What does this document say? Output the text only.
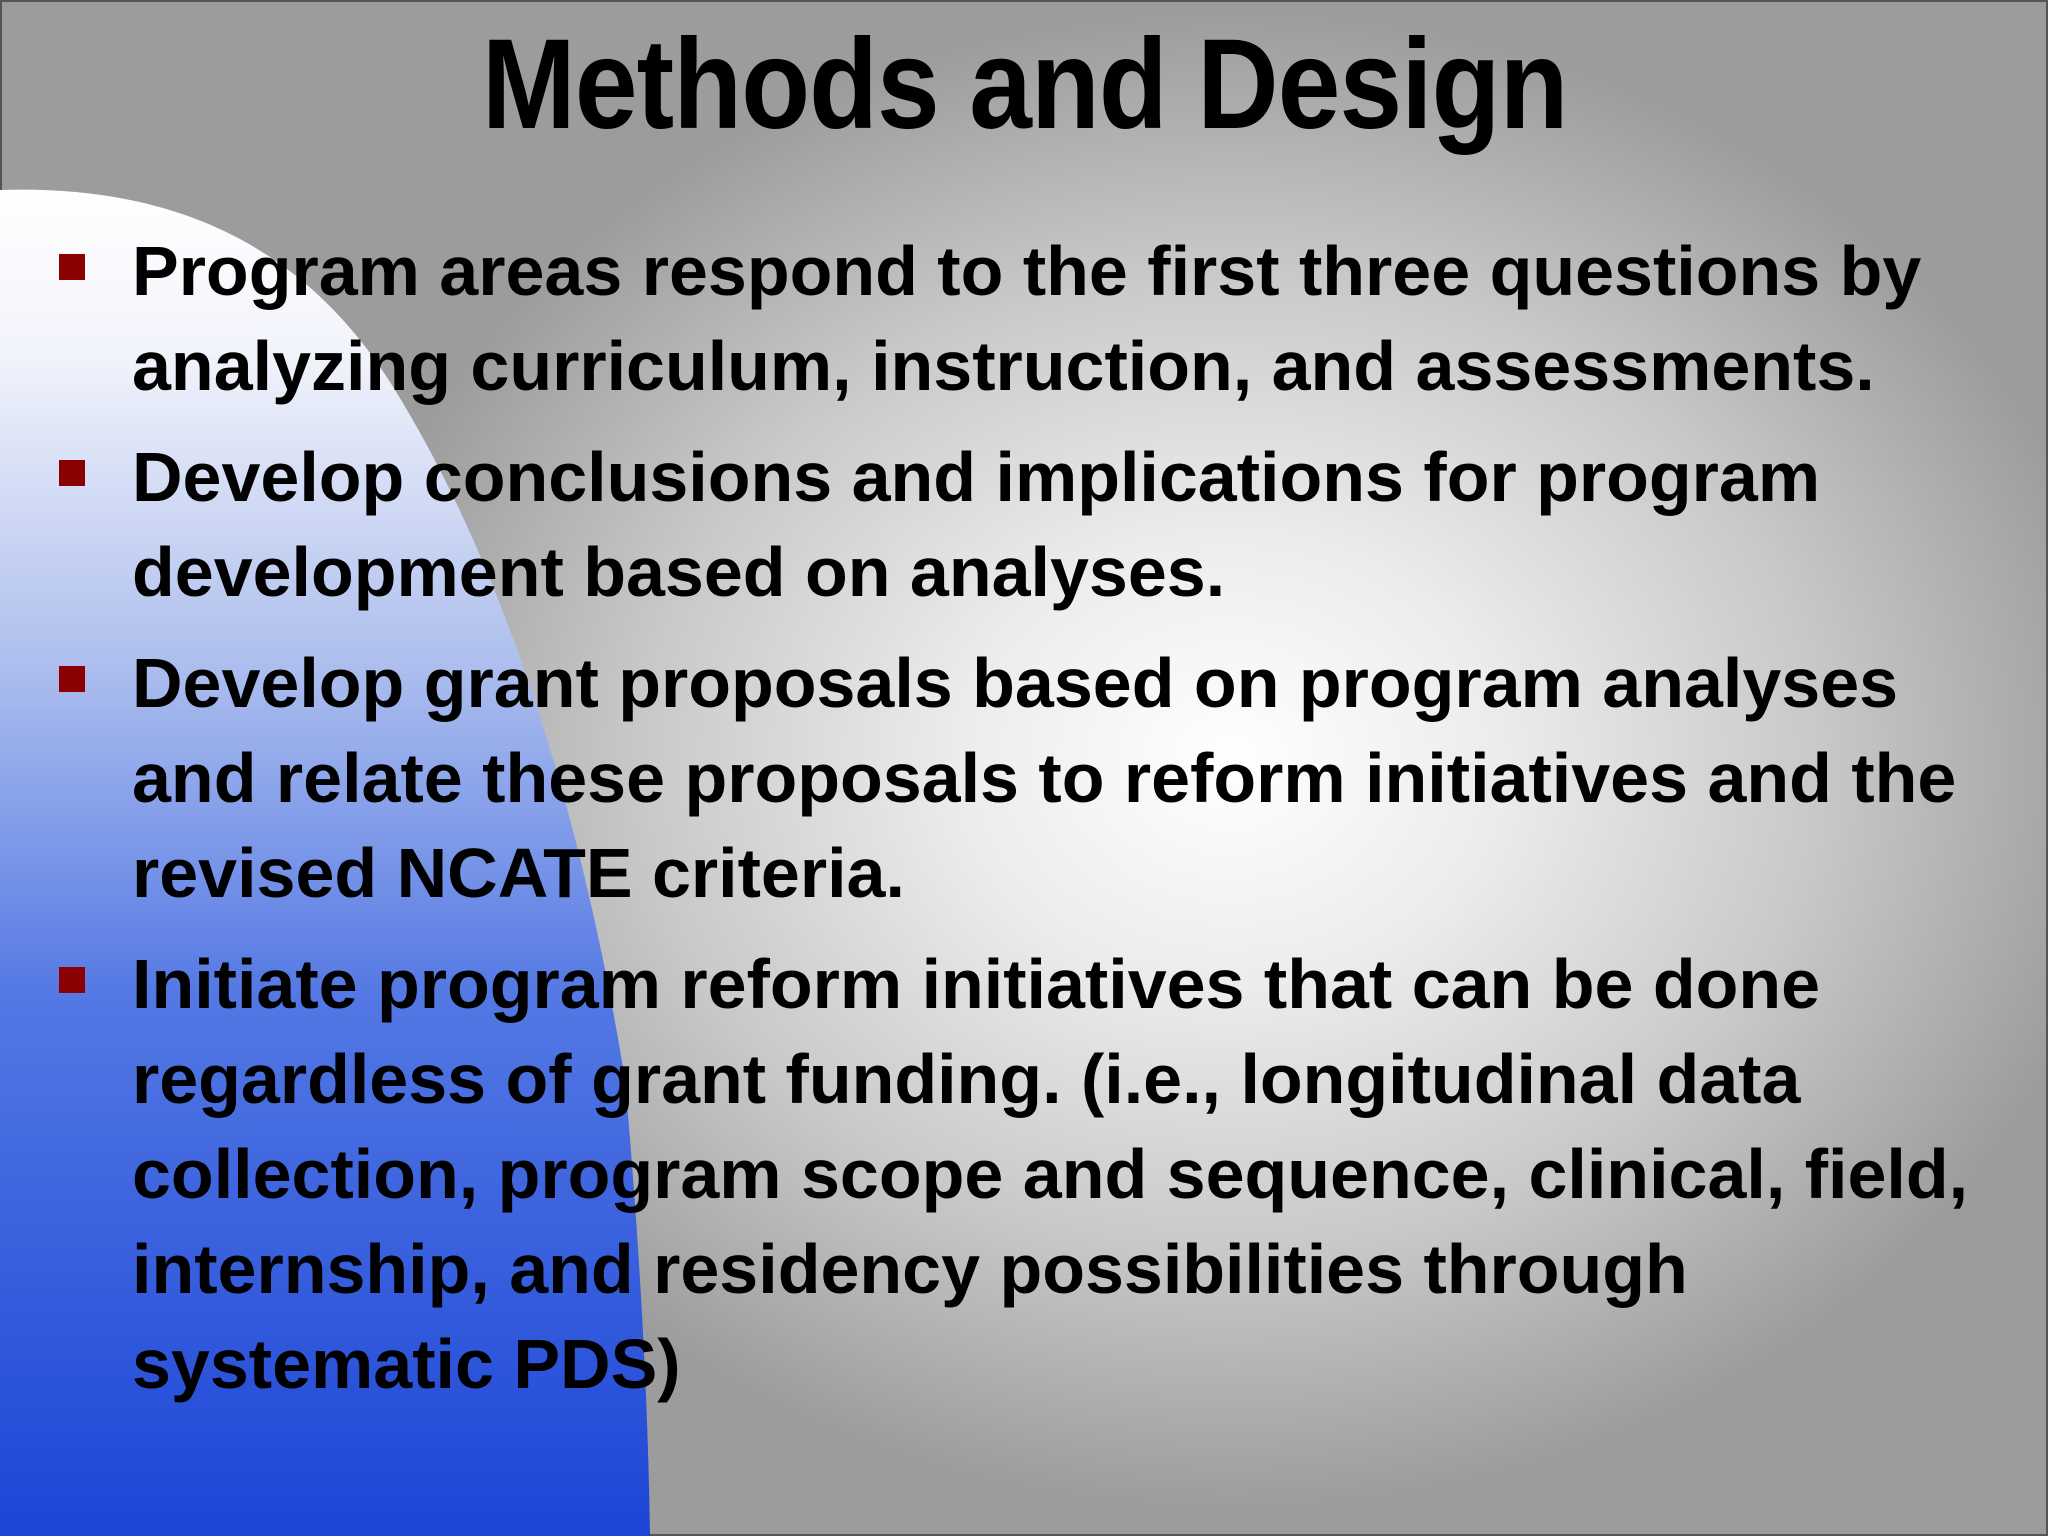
Methods and Design
Program areas respond to the first three questions by analyzing curriculum, instruction, and assessments.
Develop conclusions and implications for program development based on analyses.
Develop grant proposals based on program analyses and relate these proposals to reform initiatives and the revised NCATE criteria.
Initiate program reform initiatives that can be done regardless of grant funding. (i.e., longitudinal data collection, program scope and sequence, clinical, field, internship, and residency possibilities through systematic PDS)
